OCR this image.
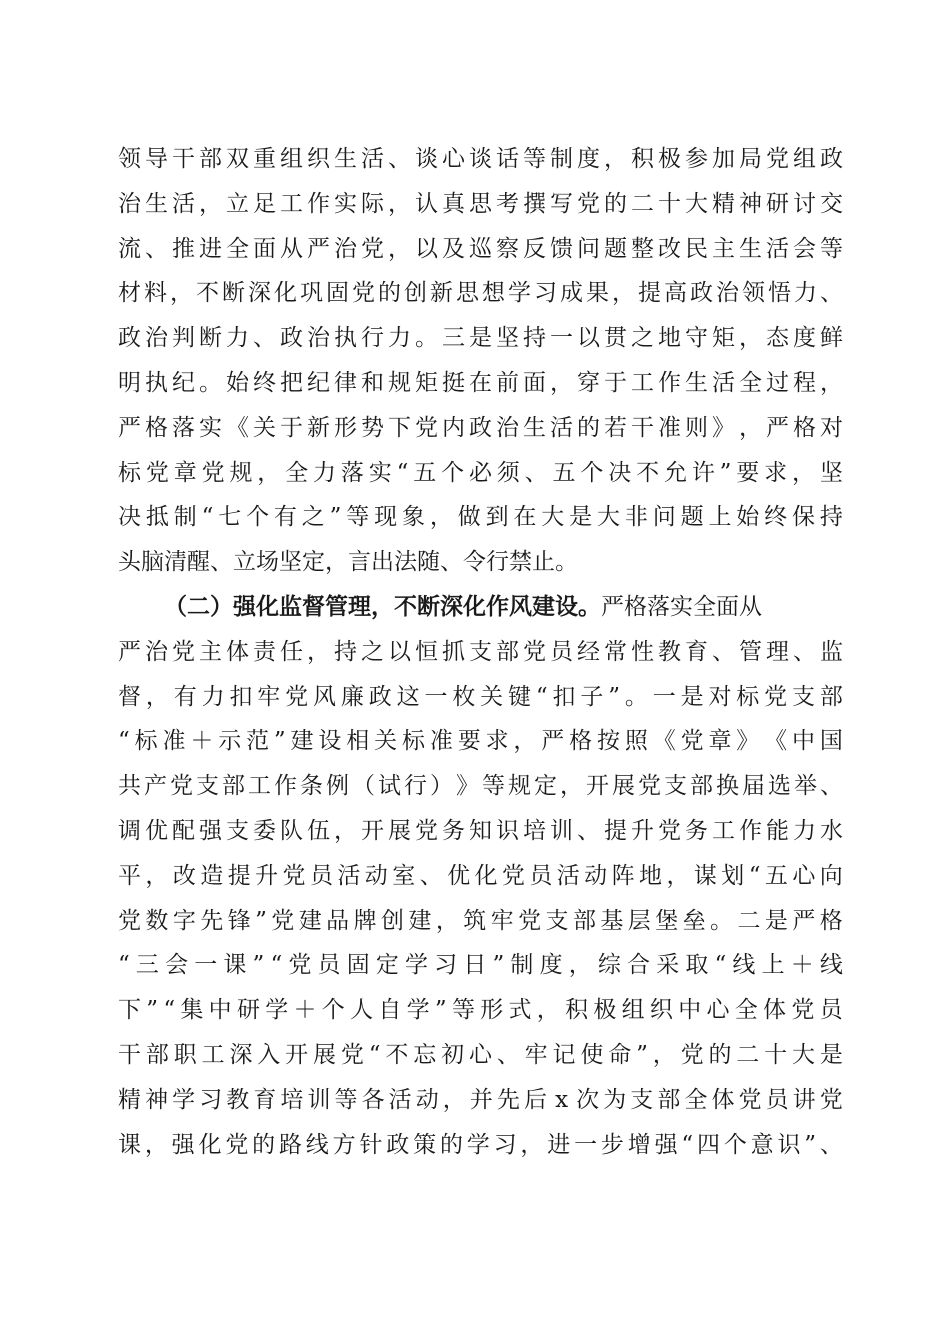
领 导 干 部 双 重 组 织 生 活 、 谈 心 谈 话 等 制 度 ， 积 极 参 加 局 党 组 政
治 生 活 ， 立 足 工 作 实 际 ， 认 真 思 考 撰 写 党 的 二 十 大 精 神 研 讨 交
流 、 推 进 全 面 从 严 治 党 ， 以 及 巡 察 反 馈 问 题 整 改 民 主 生 活 会 等
材 料 ， 不 断 深 化 巩 固 党 的 创 新 思 想 学 习 成 果 ， 提 高 政 治 领 悟 力 、
政 治 判 断 力 、 政 治 执 行 力 。 三 是 坚 持 一 以 贯 之 地 守 矩 ， 态 度 鲜
明 执 纪 。 始 终 把 纪 律 和 规 矩 挺 在 前 面 ， 穿 于 工 作 生 活 全 过 程 ，
严 格 落 实 《 关 于 新 形 势 下 党 内 政 治 生 活 的 若 干 准 则 》 ， 严 格 对
标 党 章 党 规 ， 全 力 落 实 “ 五 个 必 须 、 五 个 决 不 允 许 ” 要 求 ， 坚
决 抵 制 “ 七 个 有 之 ” 等 现 象 ， 做 到 在 大 是 大 非 问 题 上 始 终 保 持
头脑清醒、立场坚定，言出法随、令行禁止。
（二）强化监督管理，不断深化作风建设。 严格落实全面从
严 治 党 主 体 责 任 ， 持 之 以 恒 抓 支 部 党 员 经 常 性 教 育 、 管 理 、 监
督 ， 有 力 扣 牢 党 风 廉 政 这 一 枚 关 键 “ 扣 子 ” 。 一 是 对 标 党 支 部
“ 标 准 ＋ 示 范 ” 建 设 相 关 标 准 要 求 ， 严 格 按 照 《 党 章 》 《 中 国
共 产 党 支 部 工 作 条 例 （ 试 行 ） 》 等 规 定 ， 开 展 党 支 部 换 届 选 举 、
调 优 配 强 支 委 队 伍 ， 开 展 党 务 知 识 培 训 、 提 升 党 务 工 作 能 力 水
平 ， 改 造 提 升 党 员 活 动 室 、 优 化 党 员 活 动 阵 地 ， 谋 划 “ 五 心 向
党 数 字 先 锋 ” 党 建 品 牌 创 建 ， 筑 牢 党 支 部 基 层 堡 垒 。 二 是 严 格
“ 三 会 一 课 ” “ 党 员 固 定 学 习 日 ” 制 度 ， 综 合 采 取 “ 线 上 ＋ 线
下 ” “ 集 中 研 学 ＋ 个 人 自 学 ” 等 形 式 ， 积 极 组 织 中 心 全 体 党 员
干 部 职 工 深 入 开 展 党 “ 不 忘 初 心 、 牢 记 使 命 ” ， 党 的 二 十 大 是
精 神 学 习 教 育 培 训 等 各 活 动 ， 并 先 后 x 次 为 支 部 全 体 党 员 讲 党
课 ， 强 化 党 的 路 线 方 针 政 策 的 学 习 ， 进 一 步 增 强 “ 四 个 意 识 ” 、
